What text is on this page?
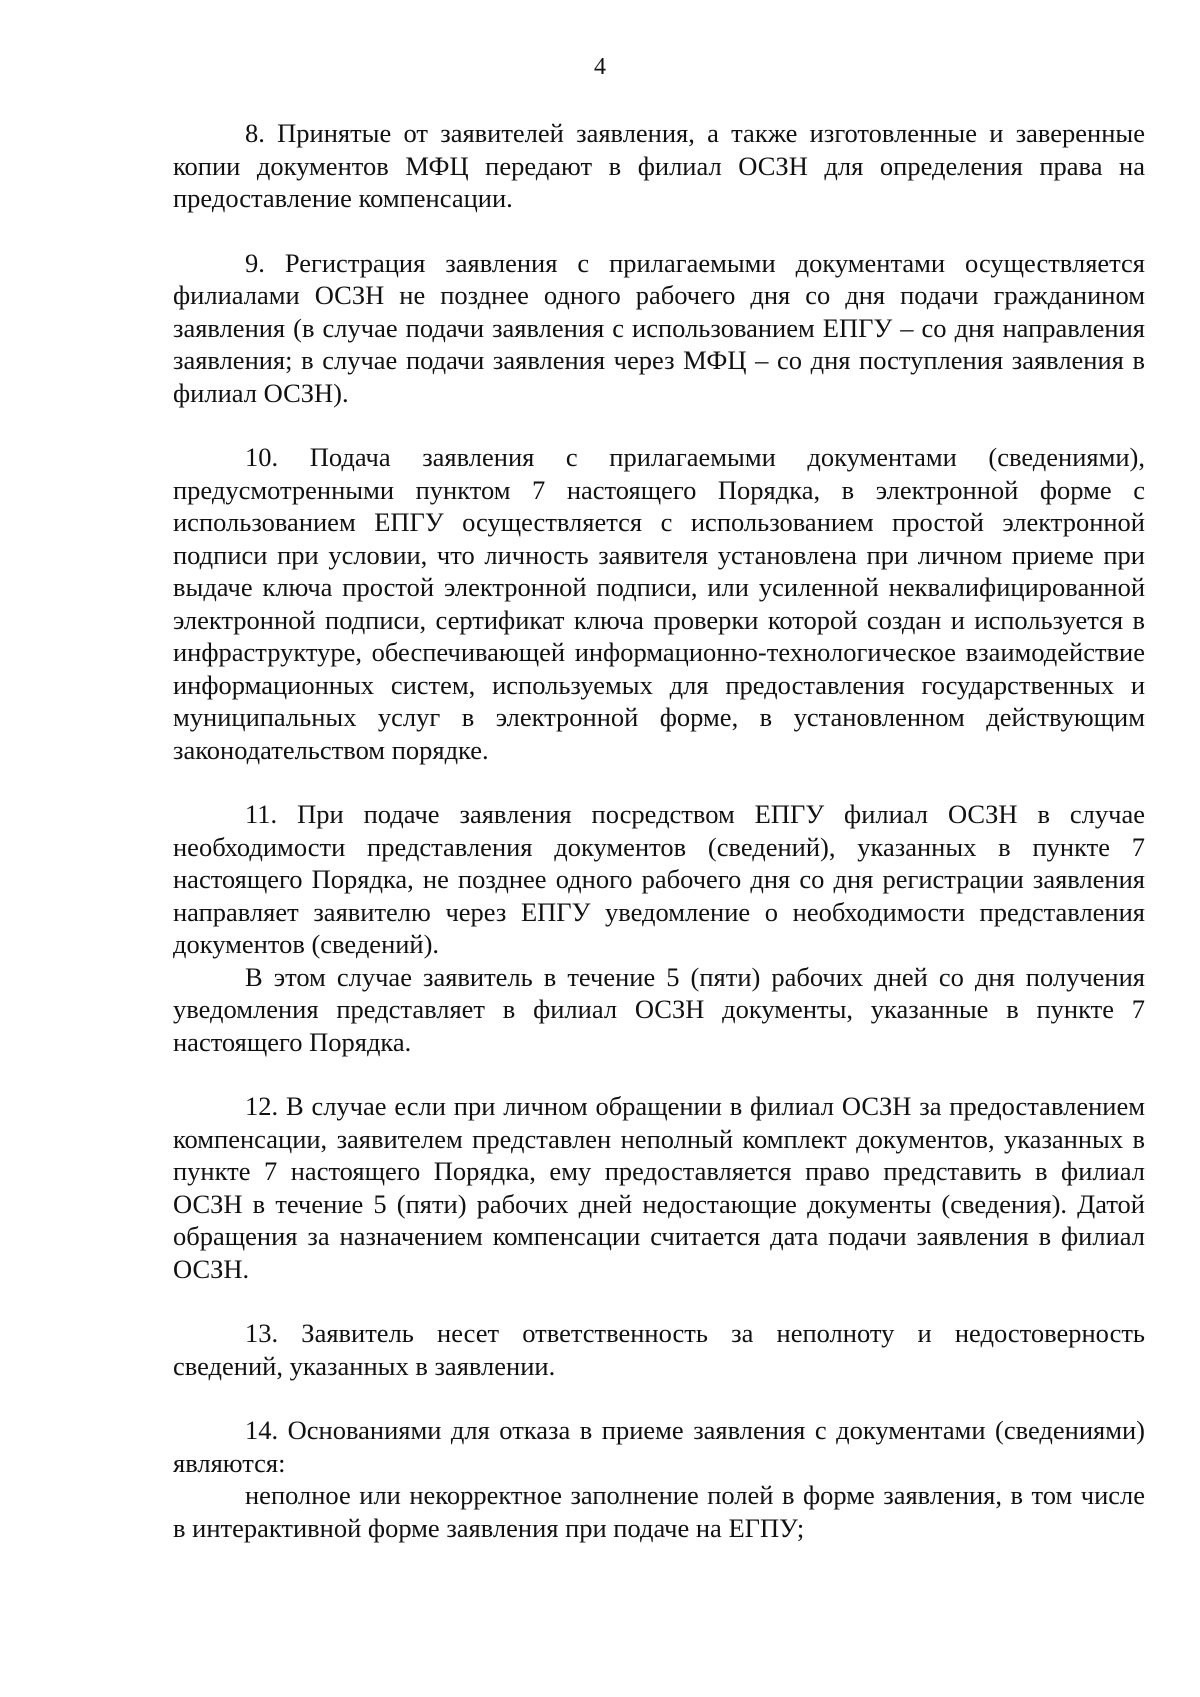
4

8. Принятые от заявителей заявления, а также изготовленные и заверенные копии документов МФЦ передают в филиал ОСЗН для определения права на предоставление компенсации.

9. Регистрация заявления с прилагаемыми документами осуществляется филиалами ОСЗН не позднее одного рабочего дня со дня подачи гражданином заявления (в случае подачи заявления с использованием ЕПГУ – со дня направления заявления; в случае подачи заявления через МФЦ – со дня поступления заявления в филиал ОСЗН).

10. Подача заявления с прилагаемыми документами (сведениями), предусмотренными пунктом 7 настоящего Порядка, в электронной форме с использованием ЕПГУ осуществляется с использованием простой электронной подписи при условии, что личность заявителя установлена при личном приеме при выдаче ключа простой электронной подписи, или усиленной неквалифицированной электронной подписи, сертификат ключа проверки которой создан и используется в инфраструктуре, обеспечивающей информационно-технологическое взаимодействие информационных систем, используемых для предоставления государственных и муниципальных услуг в электронной форме, в установленном действующим законодательством порядке.

11. При подаче заявления посредством ЕПГУ филиал ОСЗН в случае необходимости представления документов (сведений), указанных в пункте 7 настоящего Порядка, не позднее одного рабочего дня со дня регистрации заявления направляет заявителю через ЕПГУ уведомление о необходимости представления документов (сведений).

В этом случае заявитель в течение 5 (пяти) рабочих дней со дня получения уведомления представляет в филиал ОСЗН документы, указанные в пункте 7 настоящего Порядка.

12. В случае если при личном обращении в филиал ОСЗН за предоставлением компенсации, заявителем представлен неполный комплект документов, указанных в пункте 7 настоящего Порядка, ему предоставляется право представить в филиал ОСЗН в течение 5 (пяти) рабочих дней недостающие документы (сведения). Датой обращения за назначением компенсации считается дата подачи заявления в филиал ОСЗН.

13. Заявитель несет ответственность за неполноту и недостоверность сведений, указанных в заявлении.

14. Основаниями для отказа в приеме заявления с документами (сведениями) являются:

неполное или некорректное заполнение полей в форме заявления, в том числе в интерактивной форме заявления при подаче на ЕГПУ;
